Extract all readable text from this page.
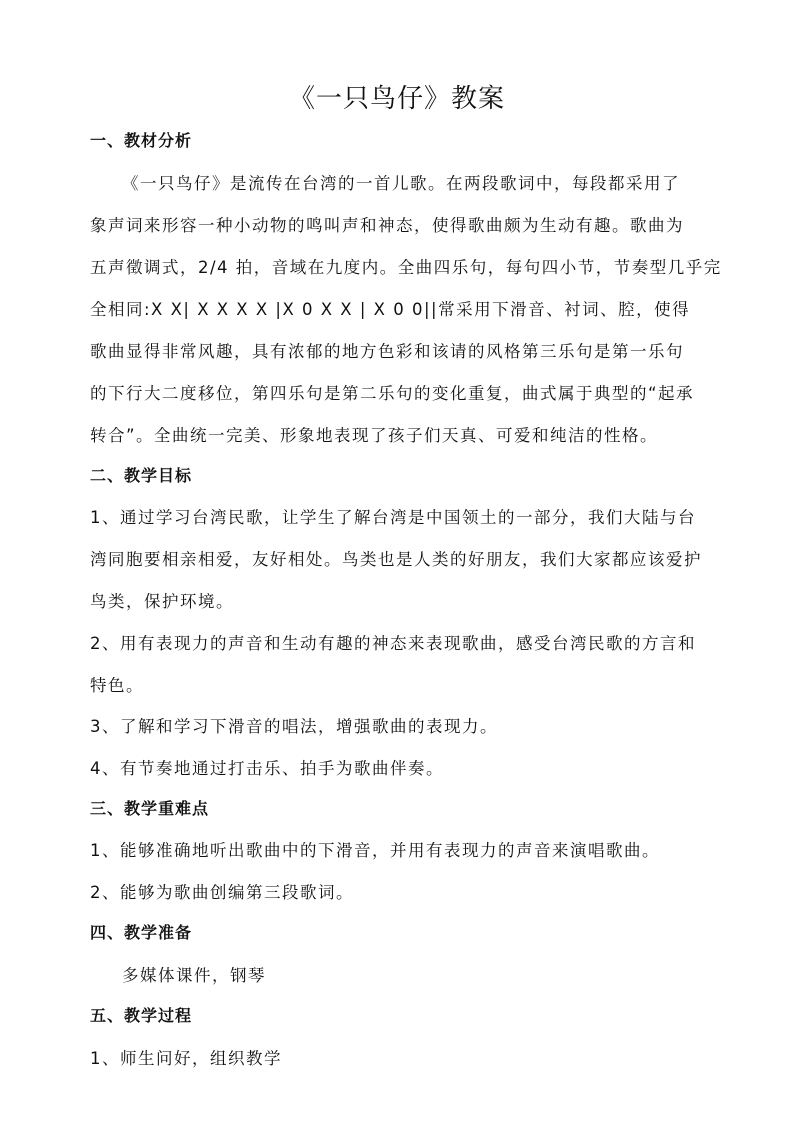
《一只鸟仔》教案
一、教材分析
《一只鸟仔》是流传在台湾的一首儿歌。在两段歌词中，每段都采用了
象声词来形容一种小动物的鸣叫声和神态，使得歌曲颇为生动有趣。歌曲为
五声徵调式，2/4 拍，音域在九度内。全曲四乐句，每句四小节，节奏型几乎完
全相同:X X| X X X X |X 0 X X | X 0 0||常采用下滑音、衬词、腔，使得
歌曲显得非常风趣，具有浓郁的地方色彩和该请的风格第三乐句是第一乐句
的下行大二度移位，第四乐句是第二乐句的变化重复，曲式属于典型的“起承
转合”。全曲统一完美、形象地表现了孩子们天真、可爱和纯洁的性格。
二、教学目标
1、通过学习台湾民歌，让学生了解台湾是中国领土的一部分，我们大陆与台
湾同胞要相亲相爱，友好相处。鸟类也是人类的好朋友，我们大家都应该爱护
鸟类，保护环境。
2、用有表现力的声音和生动有趣的神态来表现歌曲，感受台湾民歌的方言和
特色。
3、了解和学习下滑音的唱法，增强歌曲的表现力。
4、有节奏地通过打击乐、拍手为歌曲伴奏。
三、教学重难点
1、能够准确地听出歌曲中的下滑音，并用有表现力的声音来演唱歌曲。
2、能够为歌曲创编第三段歌词。
四、教学准备
多媒体课件，钢琴
五、教学过程
1、师生问好，组织教学
